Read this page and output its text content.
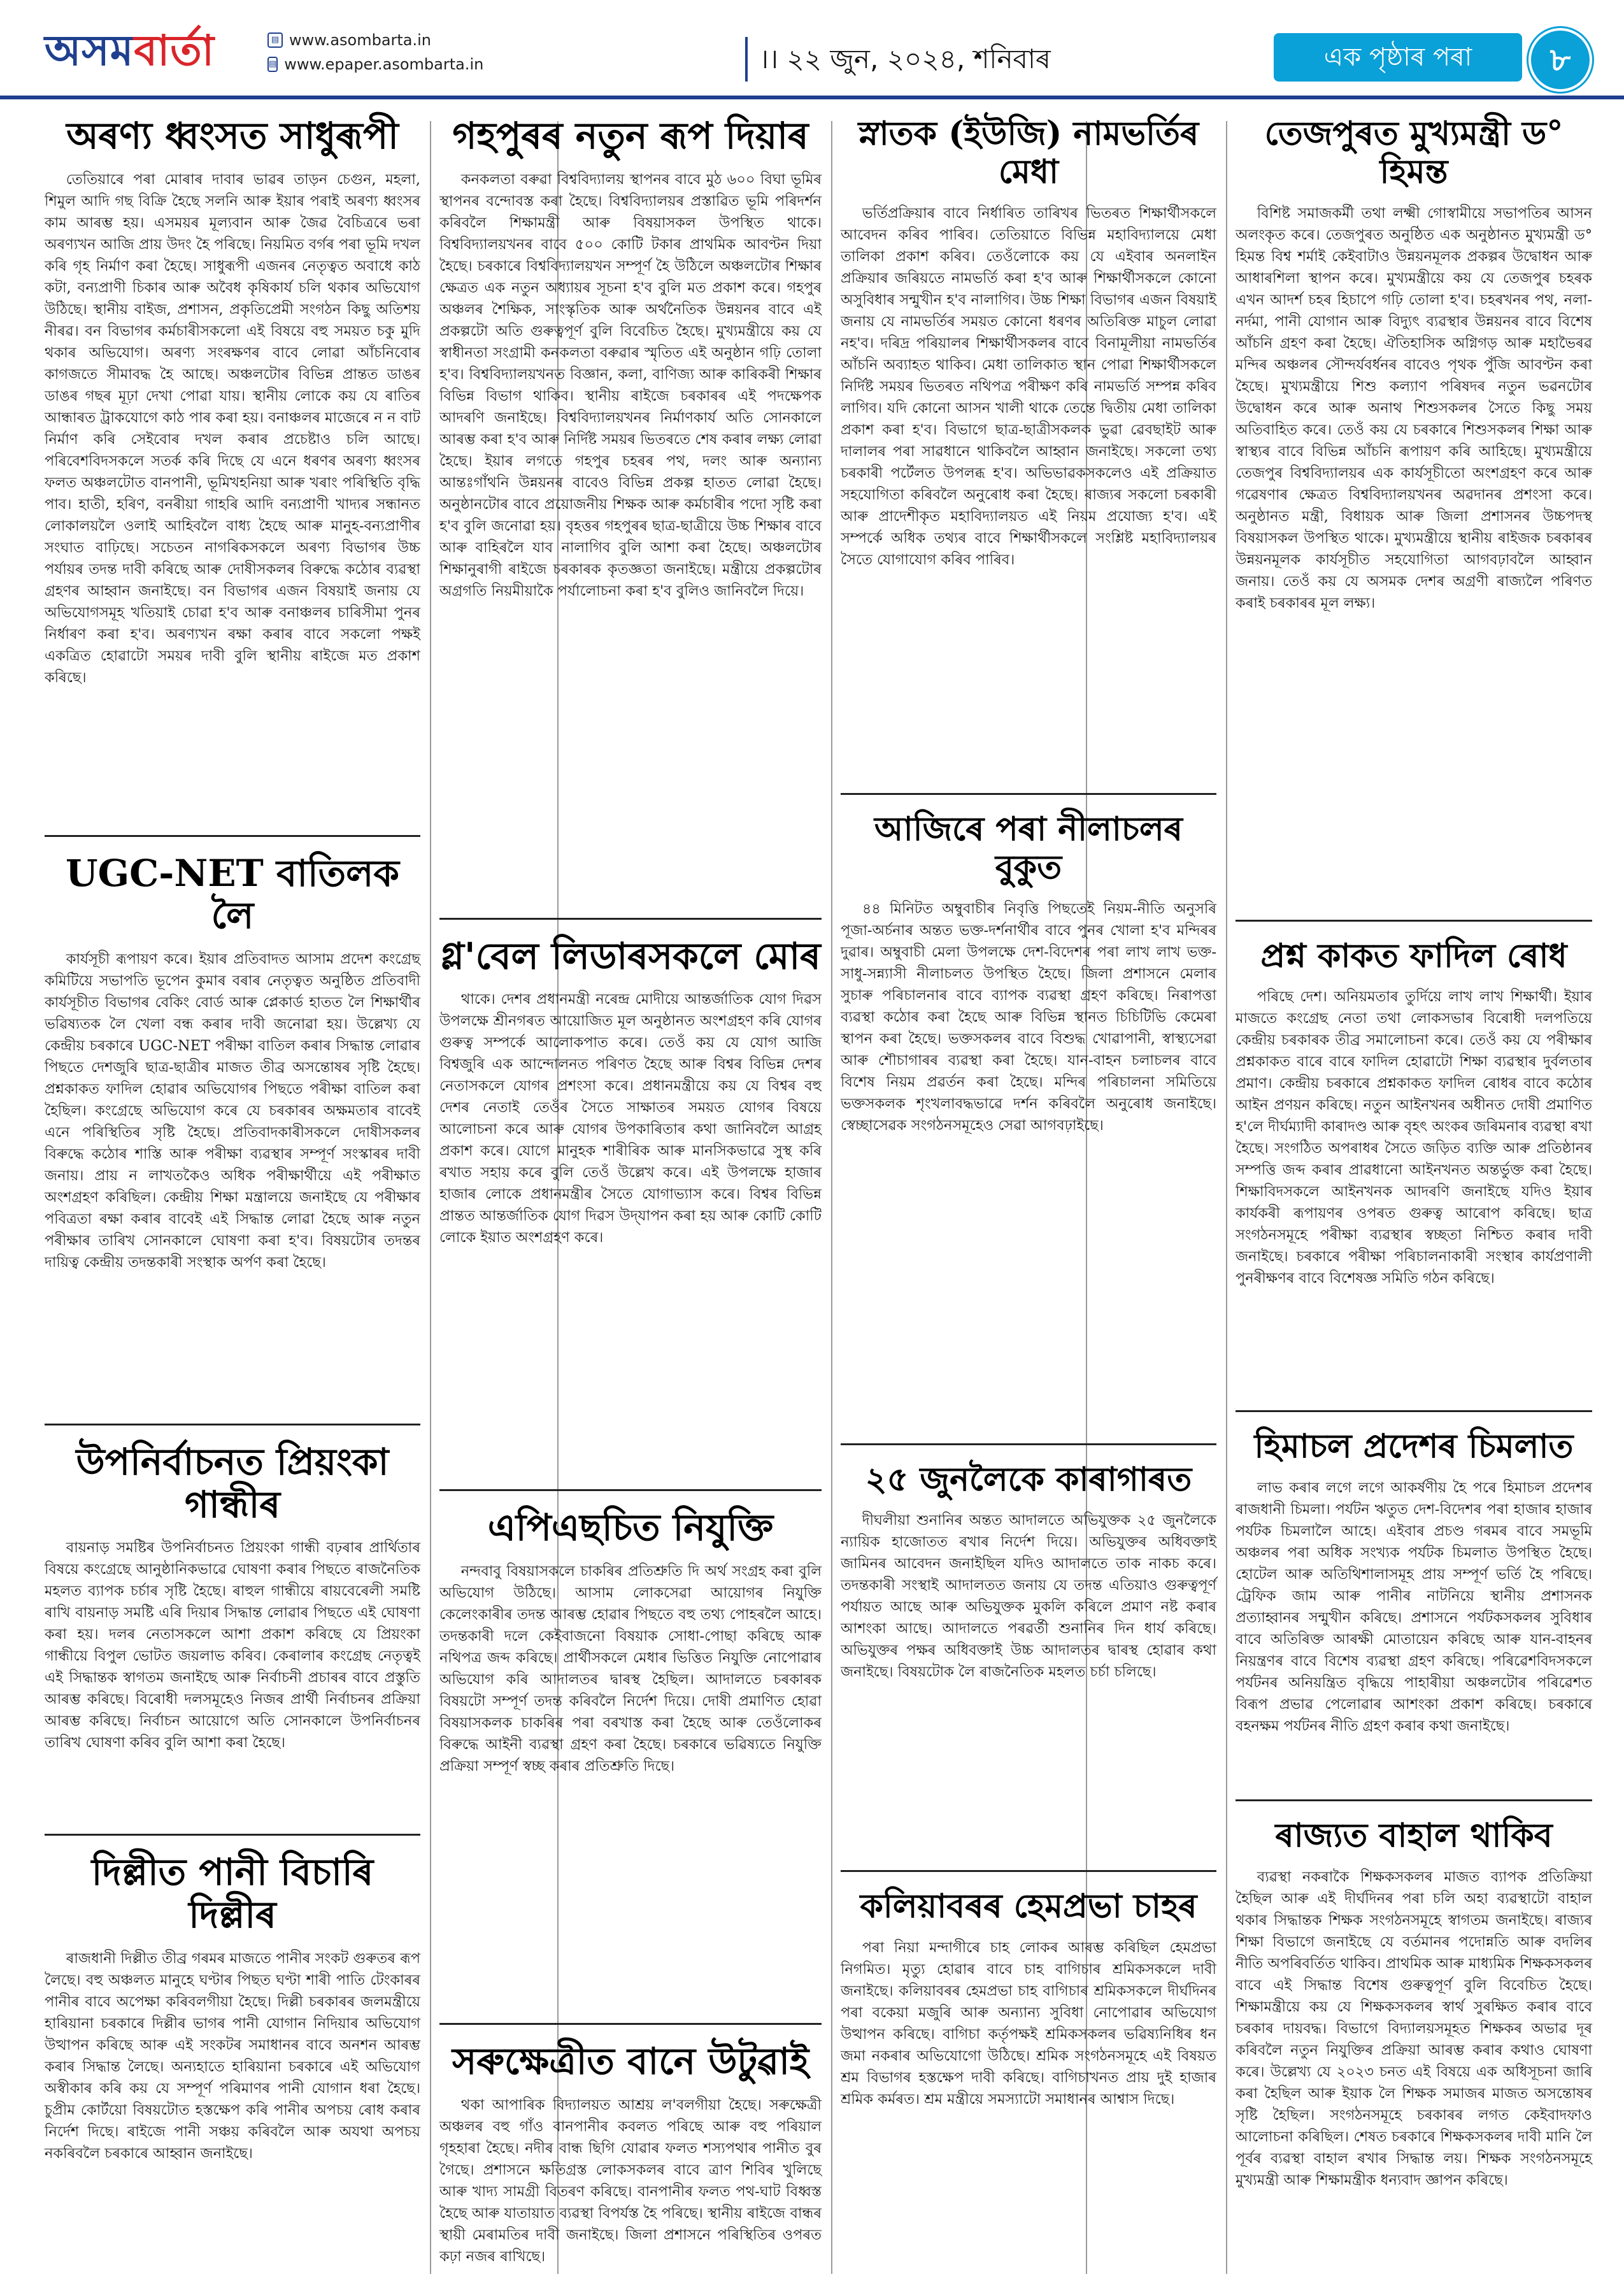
অসমবাৰ্তা	▤ www.asombarta.in
▤ www.epaper.asombarta.in	।। ২২ জুন, ২০২৪, শনিবাৰ	এক পৃষ্ঠাৰ পৰা	৮
অৰণ্য ধ্বংসত সাধুৰূপী

তেতিয়াৰে পৰা মোৰাৰ দাবাৰ ভাৱৰ তাড়ন চেগুন, মহলা, শিমুল আদি গছ বিক্রি হৈছে সলনি আৰু ইয়াৰ পৰাই অৰণ্য ধ্বংসৰ কাম আৰম্ভ হয়। এসময়ৰ মূল্যবান আৰু জৈৱ বৈচিত্ৰৰে ভৰা অৰণ্যখন আজি প্ৰায় উদং হৈ পৰিছে। নিয়মিত বৰ্গৰ পৰা ভূমি দখল কৰি গৃহ নিৰ্মাণ কৰা হৈছে। সাধুৰূপী এজনৰ নেতৃত্বত অবাধে কাঠ কটা, বন্যপ্ৰাণী চিকাৰ আৰু অবৈধ কৃষিকাৰ্য চলি থকাৰ অভিযোগ উঠিছে। স্থানীয় বাইজ, প্ৰশাসন, প্ৰকৃতিপ্ৰেমী সংগঠন কিছু অতিশয় নীৰৱ। বন বিভাগৰ কৰ্মচাৰীসকলো এই বিষয়ে বহু সময়ত চকু মুদি থকাৰ অভিযোগ। অৰণ্য সংৰক্ষণৰ বাবে লোৱা আঁচনিবোৰ কাগজতে সীমাবদ্ধ হৈ আছে। অঞ্চলটোৰ বিভিন্ন প্ৰান্তত ডাঙৰ ডাঙৰ গছৰ মূঢ়া দেখা পোৱা যায়। স্থানীয় লোকে কয় যে ৰাতিৰ আন্ধাৰত ট্ৰাকযোগে কাঠ পাৰ কৰা হয়। বনাঞ্চলৰ মাজেৰে ন ন বাট নিৰ্মাণ কৰি সেইবোৰ দখল কৰাৰ প্ৰচেষ্টাও চলি আছে। পৰিবেশবিদসকলে সতৰ্ক কৰি দিছে যে এনে ধৰণৰ অৰণ্য ধ্বংসৰ ফলত অঞ্চলটোত বানপানী, ভূমিখহনিয়া আৰু খৰাং পৰিস্থিতি বৃদ্ধি পাব। হাতী, হৰিণ, বনৰীয়া গাহৰি আদি বন্যপ্ৰাণী খাদ্যৰ সন্ধানত লোকালয়লৈ ওলাই আহিবলৈ বাধ্য হৈছে আৰু মানুহ-বন্যপ্ৰাণীৰ সংঘাত বাঢ়িছে। সচেতন নাগৰিকসকলে অৰণ্য বিভাগৰ উচ্চ পৰ্যায়ৰ তদন্ত দাবী কৰিছে আৰু দোষীসকলৰ বিৰুদ্ধে কঠোৰ ব্যৱস্থা গ্ৰহণৰ আহ্বান জনাইছে। বন বিভাগৰ এজন বিষয়াই জনায় যে অভিযোগসমূহ খতিয়াই চোৱা হ'ব আৰু বনাঞ্চলৰ চাৰিসীমা পুনৰ নিৰ্ধাৰণ কৰা হ'ব। অৰণ্যখন ৰক্ষা কৰাৰ বাবে সকলো পক্ষই একত্ৰিত হোৱাটো সময়ৰ দাবী বুলি স্থানীয় ৰাইজে মত প্ৰকাশ কৰিছে।

UGC-NET বাতিলক লৈ

কাৰ্যসূচী ৰূপায়ণ কৰে। ইয়াৰ প্ৰতিবাদত আসাম প্ৰদেশ কংগ্ৰেছ কমিটিয়ে সভাপতি ভূপেন কুমাৰ বৰাৰ নেতৃত্বত অনুষ্ঠিত প্ৰতিবাদী কাৰ্যসূচীত বিভাগৰ বেকিং বোৰ্ড আৰু প্লেকাৰ্ড হাতত লৈ শিক্ষাৰ্থীৰ ভৱিষ্যতক লৈ খেলা বন্ধ কৰাৰ দাবী জনোৱা হয়। উল্লেখ্য যে কেন্দ্ৰীয় চৰকাৰে UGC-NET পৰীক্ষা বাতিল কৰাৰ সিদ্ধান্ত লোৱাৰ পিছতে দেশজুৰি ছাত্ৰ-ছাত্ৰীৰ মাজত তীব্ৰ অসন্তোষৰ সৃষ্টি হৈছে। প্ৰশ্নকাকত ফাদিল হোৱাৰ অভিযোগৰ পিছতে পৰীক্ষা বাতিল কৰা হৈছিল। কংগ্ৰেছে অভিযোগ কৰে যে চৰকাৰৰ অক্ষমতাৰ বাবেই এনে পৰিস্থিতিৰ সৃষ্টি হৈছে। প্ৰতিবাদকাৰীসকলে দোষীসকলৰ বিৰুদ্ধে কঠোৰ শাস্তি আৰু পৰীক্ষা ব্যৱস্থাৰ সম্পূৰ্ণ সংস্কাৰৰ দাবী জনায়। প্ৰায় ন লাখতকৈও অধিক পৰীক্ষাৰ্থীয়ে এই পৰীক্ষাত অংশগ্ৰহণ কৰিছিল। কেন্দ্ৰীয় শিক্ষা মন্ত্ৰালয়ে জনাইছে যে পৰীক্ষাৰ পবিত্ৰতা ৰক্ষা কৰাৰ বাবেই এই সিদ্ধান্ত লোৱা হৈছে আৰু নতুন পৰীক্ষাৰ তাৰিখ সোনকালে ঘোষণা কৰা হ'ব। বিষয়টোৰ তদন্তৰ দায়িত্ব কেন্দ্ৰীয় তদন্তকাৰী সংস্থাক অৰ্পণ কৰা হৈছে।

উপনিৰ্বাচনত প্ৰিয়ংকা গান্ধীৰ

বায়নাড় সমষ্টিৰ উপনিৰ্বাচনত প্ৰিয়ংকা গান্ধী বঢ়ৰাৰ প্ৰাৰ্থিতাৰ বিষয়ে কংগ্ৰেছে আনুষ্ঠানিকভাৱে ঘোষণা কৰাৰ পিছতে ৰাজনৈতিক মহলত ব্যাপক চৰ্চাৰ সৃষ্টি হৈছে। ৰাহুল গান্ধীয়ে ৰায়বেৰেলী সমষ্টি ৰাখি বায়নাড় সমষ্টি এৰি দিয়াৰ সিদ্ধান্ত লোৱাৰ পিছতে এই ঘোষণা কৰা হয়। দলৰ নেতাসকলে আশা প্ৰকাশ কৰিছে যে প্ৰিয়ংকা গান্ধীয়ে বিপুল ভোটত জয়লাভ কৰিব। কেৰালাৰ কংগ্ৰেছ নেতৃত্বই এই সিদ্ধান্তক স্বাগতম জনাইছে আৰু নিৰ্বাচনী প্ৰচাৰৰ বাবে প্ৰস্তুতি আৰম্ভ কৰিছে। বিৰোধী দলসমূহেও নিজৰ প্ৰাৰ্থী নিৰ্বাচনৰ প্ৰক্ৰিয়া আৰম্ভ কৰিছে। নিৰ্বাচন আয়োগে অতি সোনকালে উপনিৰ্বাচনৰ তাৰিখ ঘোষণা কৰিব বুলি আশা কৰা হৈছে।

দিল্লীত পানী বিচাৰি দিল্লীৰ

ৰাজধানী দিল্লীত তীব্ৰ গৰমৰ মাজতে পানীৰ সংকট গুৰুতৰ ৰূপ লৈছে। বহু অঞ্চলত মানুহে ঘণ্টাৰ পিছত ঘণ্টা শাৰী পাতি টেংকাৰৰ পানীৰ বাবে অপেক্ষা কৰিবলগীয়া হৈছে। দিল্লী চৰকাৰৰ জলমন্ত্ৰীয়ে হাৰিয়ানা চৰকাৰে দিল্লীৰ ভাগৰ পানী যোগান নিদিয়াৰ অভিযোগ উত্থাপন কৰিছে আৰু এই সংকটৰ সমাধানৰ বাবে অনশন আৰম্ভ কৰাৰ সিদ্ধান্ত লৈছে। অন্যহাতে হাৰিয়ানা চৰকাৰে এই অভিযোগ অস্বীকাৰ কৰি কয় যে সম্পূৰ্ণ পৰিমাণৰ পানী যোগান ধৰা হৈছে। চুপ্ৰীম কোৰ্টয়ো বিষয়টোত হস্তক্ষেপ কৰি পানীৰ অপচয় ৰোধ কৰাৰ নিৰ্দেশ দিছে। ৰাইজে পানী সঞ্চয় কৰিবলৈ আৰু অযথা অপচয় নকৰিবলৈ চৰকাৰে আহ্বান জনাইছে।

গহপুৰৰ নতুন ৰূপ দিয়াৰ

কনকলতা বৰুৱা বিশ্ববিদ্যালয় স্থাপনৰ বাবে মুঠ ৬০০ বিঘা ভূমিৰ স্থাপনৰ বন্দোবস্ত কৰা হৈছে। বিশ্ববিদ্যালয়ৰ প্ৰস্তাৱিত ভূমি পৰিদৰ্শন কৰিবলৈ শিক্ষামন্ত্ৰী আৰু বিষয়াসকল উপস্থিত থাকে। বিশ্ববিদ্যালয়খনৰ বাবে ৫০০ কোটি টকাৰ প্ৰাথমিক আবণ্টন দিয়া হৈছে। চৰকাৰে বিশ্ববিদ্যালয়খন সম্পূৰ্ণ হৈ উঠিলে অঞ্চলটোৰ শিক্ষাৰ ক্ষেত্ৰত এক নতুন অধ্যায়ৰ সূচনা হ'ব বুলি মত প্ৰকাশ কৰে। গহপুৰ অঞ্চলৰ শৈক্ষিক, সাংস্কৃতিক আৰু অৰ্থনৈতিক উন্নয়নৰ বাবে এই প্ৰকল্পটো অতি গুৰুত্বপূৰ্ণ বুলি বিবেচিত হৈছে। মুখ্যমন্ত্ৰীয়ে কয় যে স্বাধীনতা সংগ্ৰামী কনকলতা বৰুৱাৰ স্মৃতিত এই অনুষ্ঠান গঢ়ি তোলা হ'ব। বিশ্ববিদ্যালয়খনত বিজ্ঞান, কলা, বাণিজ্য আৰু কাৰিকৰী শিক্ষাৰ বিভিন্ন বিভাগ থাকিব। স্থানীয় ৰাইজে চৰকাৰৰ এই পদক্ষেপক আদৰণি জনাইছে। বিশ্ববিদ্যালয়খনৰ নিৰ্মাণকাৰ্য অতি সোনকালে আৰম্ভ কৰা হ'ব আৰু নিৰ্দিষ্ট সময়ৰ ভিতৰতে শেষ কৰাৰ লক্ষ্য লোৱা হৈছে। ইয়াৰ লগতে গহপুৰ চহৰৰ পথ, দলং আৰু অন্যান্য আন্তঃগাঁথনি উন্নয়নৰ বাবেও বিভিন্ন প্ৰকল্প হাতত লোৱা হৈছে। অনুষ্ঠানটোৰ বাবে প্ৰয়োজনীয় শিক্ষক আৰু কৰ্মচাৰীৰ পদো সৃষ্টি কৰা হ'ব বুলি জনোৱা হয়। বৃহত্তৰ গহপুৰৰ ছাত্ৰ-ছাত্ৰীয়ে উচ্চ শিক্ষাৰ বাবে আৰু বাহিৰলৈ যাব নালাগিব বুলি আশা কৰা হৈছে। অঞ্চলটোৰ শিক্ষানুৰাগী ৰাইজে চৰকাৰক কৃতজ্ঞতা জনাইছে। মন্ত্ৰীয়ে প্ৰকল্পটোৰ অগ্ৰগতি নিয়মীয়াকৈ পৰ্যালোচনা কৰা হ'ব বুলিও জানিবলৈ দিয়ে।

গ্ল'বেল লিডাৰসকলে মোৰ

থাকে। দেশৰ প্ৰধানমন্ত্ৰী নৰেন্দ্ৰ মোদীয়ে আন্তৰ্জাতিক যোগ দিৱস উপলক্ষে শ্ৰীনগৰত আয়োজিত মূল অনুষ্ঠানত অংশগ্ৰহণ কৰি যোগৰ গুৰুত্ব সম্পৰ্কে আলোকপাত কৰে। তেওঁ কয় যে যোগ আজি বিশ্বজুৰি এক আন্দোলনত পৰিণত হৈছে আৰু বিশ্বৰ বিভিন্ন দেশৰ নেতাসকলে যোগৰ প্ৰশংসা কৰে। প্ৰধানমন্ত্ৰীয়ে কয় যে বিশ্বৰ বহু দেশৰ নেতাই তেওঁৰ সৈতে সাক্ষাতৰ সময়ত যোগৰ বিষয়ে আলোচনা কৰে আৰু যোগৰ উপকাৰিতাৰ কথা জানিবলৈ আগ্ৰহ প্ৰকাশ কৰে। যোগে মানুহক শাৰীৰিক আৰু মানসিকভাৱে সুস্থ কৰি ৰখাত সহায় কৰে বুলি তেওঁ উল্লেখ কৰে। এই উপলক্ষে হাজাৰ হাজাৰ লোকে প্ৰধানমন্ত্ৰীৰ সৈতে যোগাভ্যাস কৰে। বিশ্বৰ বিভিন্ন প্ৰান্তত আন্তৰ্জাতিক যোগ দিৱস উদ্‌যাপন কৰা হয় আৰু কোটি কোটি লোকে ইয়াত অংশগ্ৰহণ কৰে।

এপিএছচিত নিযুক্তি

নন্দবাবু বিষয়াসকলে চাকৰিৰ প্ৰতিশ্ৰুতি দি অৰ্থ সংগ্ৰহ কৰা বুলি অভিযোগ উঠিছে। আসাম লোকসেৱা আয়োগৰ নিযুক্তি কেলেংকাৰীৰ তদন্ত আৰম্ভ হোৱাৰ পিছতে বহু তথ্য পোহৰলৈ আহে। তদন্তকাৰী দলে কেইবাজনো বিষয়াক সোধা-পোছা কৰিছে আৰু নথিপত্ৰ জব্দ কৰিছে। প্ৰাৰ্থীসকলে মেধাৰ ভিত্তিত নিযুক্তি নোপোৱাৰ অভিযোগ কৰি আদালতৰ দ্বাৰস্থ হৈছিল। আদালতে চৰকাৰক বিষয়টো সম্পূৰ্ণ তদন্ত কৰিবলৈ নিৰ্দেশ দিয়ে। দোষী প্ৰমাণিত হোৱা বিষয়াসকলক চাকৰিৰ পৰা বৰখাস্ত কৰা হৈছে আৰু তেওঁলোকৰ বিৰুদ্ধে আইনী ব্যৱস্থা গ্ৰহণ কৰা হৈছে। চৰকাৰে ভৱিষ্যতে নিযুক্তি প্ৰক্ৰিয়া সম্পূৰ্ণ স্বচ্ছ কৰাৰ প্ৰতিশ্ৰুতি দিছে।

সৰুক্ষেত্ৰীত বানে উটুৱাই

থকা আপাৰিক বিদ্যালয়ত আশ্ৰয় ল'বলগীয়া হৈছে। সৰুক্ষেত্ৰী অঞ্চলৰ বহু গাঁও বানপানীৰ কবলত পৰিছে আৰু বহু পৰিয়াল গৃহহাৰা হৈছে। নদীৰ বান্ধ ছিগি যোৱাৰ ফলত শস্যপথাৰ পানীত বুৰ গৈছে। প্ৰশাসনে ক্ষতিগ্ৰস্ত লোকসকলৰ বাবে ত্ৰাণ শিবিৰ খুলিছে আৰু খাদ্য সামগ্ৰী বিতৰণ কৰিছে। বানপানীৰ ফলত পথ-ঘাট বিধ্বস্ত হৈছে আৰু যাতায়াত ব্যৱস্থা বিপৰ্যস্ত হৈ পৰিছে। স্থানীয় ৰাইজে বান্ধৰ স্থায়ী মেৰামতিৰ দাবী জনাইছে। জিলা প্ৰশাসনে পৰিস্থিতিৰ ওপৰত কঢ়া নজৰ ৰাখিছে।

স্নাতক (ইউজি) নামভৰ্তিৰ মেধা

ভৰ্তিপ্ৰক্ৰিয়াৰ বাবে নিৰ্ধাৰিত তাৰিখৰ ভিতৰত শিক্ষাৰ্থীসকলে আবেদন কৰিব পাৰিব। তেতিয়াতে বিভিন্ন মহাবিদ্যালয়ে মেধা তালিকা প্ৰকাশ কৰিব। তেওঁলোকে কয় যে এইবাৰ অনলাইন প্ৰক্ৰিয়াৰ জৰিয়তে নামভৰ্তি কৰা হ'ব আৰু শিক্ষাৰ্থীসকলে কোনো অসুবিধাৰ সন্মুখীন হ'ব নালাগিব। উচ্চ শিক্ষা বিভাগৰ এজন বিষয়াই জনায় যে নামভৰ্তিৰ সময়ত কোনো ধৰণৰ অতিৰিক্ত মাচুল লোৱা নহ'ব। দৰিদ্ৰ পৰিয়ালৰ শিক্ষাৰ্থীসকলৰ বাবে বিনামূলীয়া নামভৰ্তিৰ আঁচনি অব্যাহত থাকিব। মেধা তালিকাত স্থান পোৱা শিক্ষাৰ্থীসকলে নিৰ্দিষ্ট সময়ৰ ভিতৰত নথিপত্ৰ পৰীক্ষণ কৰি নামভৰ্তি সম্পন্ন কৰিব লাগিব। যদি কোনো আসন খালী থাকে তেন্তে দ্বিতীয় মেধা তালিকা প্ৰকাশ কৰা হ'ব। বিভাগে ছাত্ৰ-ছাত্ৰীসকলক ভুৱা ৱেবছাইট আৰু দালালৰ পৰা সাৱধানে থাকিবলৈ আহ্বান জনাইছে। সকলো তথ্য চৰকাৰী পৰ্টেলত উপলব্ধ হ'ব। অভিভাৱকসকলেও এই প্ৰক্ৰিয়াত সহযোগিতা কৰিবলৈ অনুৰোধ কৰা হৈছে। ৰাজ্যৰ সকলো চৰকাৰী আৰু প্ৰাদেশীকৃত মহাবিদ্যালয়ত এই নিয়ম প্ৰযোজ্য হ'ব। এই সম্পৰ্কে অধিক তথ্যৰ বাবে শিক্ষাৰ্থীসকলে সংশ্লিষ্ট মহাবিদ্যালয়ৰ সৈতে যোগাযোগ কৰিব পাৰিব।

আজিৰে পৰা নীলাচলৰ বুকুত

৪৪ মিনিটত অম্বুবাচীৰ নিবৃত্তি পিছতেই নিয়ম-নীতি অনুসৰি পূজা-অৰ্চনাৰ অন্তত ভক্ত-দৰ্শনাৰ্থীৰ বাবে পুনৰ খোলা হ'ব মন্দিৰৰ দুৱাৰ। অম্বুবাচী মেলা উপলক্ষে দেশ-বিদেশৰ পৰা লাখ লাখ ভক্ত-সাধু-সন্ন্যাসী নীলাচলত উপস্থিত হৈছে। জিলা প্ৰশাসনে মেলাৰ সুচাৰু পৰিচালনাৰ বাবে ব্যাপক ব্যৱস্থা গ্ৰহণ কৰিছে। নিৰাপত্তা ব্যৱস্থা কঠোৰ কৰা হৈছে আৰু বিভিন্ন স্থানত চিচিটিভি কেমেৰা স্থাপন কৰা হৈছে। ভক্তসকলৰ বাবে বিশুদ্ধ খোৱাপানী, স্বাস্থ্যসেৱা আৰু শৌচাগাৰৰ ব্যৱস্থা কৰা হৈছে। যান-বাহন চলাচলৰ বাবে বিশেষ নিয়ম প্ৰৱৰ্তন কৰা হৈছে। মন্দিৰ পৰিচালনা সমিতিয়ে ভক্তসকলক শৃংখলাবদ্ধভাৱে দৰ্শন কৰিবলৈ অনুৰোধ জনাইছে। স্বেচ্ছাসেৱক সংগঠনসমূহেও সেৱা আগবঢ়াইছে।

২৫ জুনলৈকে কাৰাগাৰত

দীঘলীয়া শুনানিৰ অন্তত আদালতে অভিযুক্তক ২৫ জুনলৈকে ন্যায়িক হাজোতত ৰখাৰ নিৰ্দেশ দিয়ে। অভিযুক্তৰ অধিবক্তাই জামিনৰ আবেদন জনাইছিল যদিও আদালতে তাক নাকচ কৰে। তদন্তকাৰী সংস্থাই আদালতত জনায় যে তদন্ত এতিয়াও গুৰুত্বপূৰ্ণ পৰ্যায়ত আছে আৰু অভিযুক্তক মুকলি কৰিলে প্ৰমাণ নষ্ট কৰাৰ আশংকা আছে। আদালতে পৰৱৰ্তী শুনানিৰ দিন ধাৰ্য কৰিছে। অভিযুক্তৰ পক্ষৰ অধিবক্তাই উচ্চ আদালতৰ দ্বাৰস্থ হোৱাৰ কথা জনাইছে। বিষয়টোক লৈ ৰাজনৈতিক মহলত চৰ্চা চলিছে।

কলিয়াবৰৰ হেমপ্ৰভা চাহৰ

পৰা নিয়া মন্দাগীৰে চাহ লোকৰ আৰম্ভ কৰিছিল হেমপ্ৰভা নিগমিত। মৃত্যু হোৱাৰ বাবে চাহ বাগিচাৰ শ্ৰমিকসকলে দাবী জনাইছে। কলিয়াবৰৰ হেমপ্ৰভা চাহ বাগিচাৰ শ্ৰমিকসকলে দীৰ্ঘদিনৰ পৰা বকেয়া মজুৰি আৰু অন্যান্য সুবিধা নোপোৱাৰ অভিযোগ উত্থাপন কৰিছে। বাগিচা কৰ্তৃপক্ষই শ্ৰমিকসকলৰ ভৱিষ্যনিধিৰ ধন জমা নকৰাৰ অভিযোগো উঠিছে। শ্ৰমিক সংগঠনসমূহে এই বিষয়ত শ্ৰম বিভাগৰ হস্তক্ষেপ দাবী কৰিছে। বাগিচাখনত প্ৰায় দুই হাজাৰ শ্ৰমিক কৰ্মৰত। শ্ৰম মন্ত্ৰীয়ে সমস্যাটো সমাধানৰ আশ্বাস দিছে।

তেজপুৰত মুখ্যমন্ত্ৰী ড° হিমন্ত

বিশিষ্ট সমাজকৰ্মী তথা লক্ষ্মী গোস্বামীয়ে সভাপতিৰ আসন অলংকৃত কৰে। তেজপুৰত অনুষ্ঠিত এক অনুষ্ঠানত মুখ্যমন্ত্ৰী ড° হিমন্ত বিশ্ব শৰ্মাই কেইবাটাও উন্নয়নমূলক প্ৰকল্পৰ উদ্বোধন আৰু আধাৰশিলা স্থাপন কৰে। মুখ্যমন্ত্ৰীয়ে কয় যে তেজপুৰ চহৰক এখন আদৰ্শ চহৰ হিচাপে গঢ়ি তোলা হ'ব। চহৰখনৰ পথ, নলা-নৰ্দমা, পানী যোগান আৰু বিদ্যুৎ ব্যৱস্থাৰ উন্নয়নৰ বাবে বিশেষ আঁচনি গ্ৰহণ কৰা হৈছে। ঐতিহাসিক অগ্নিগড় আৰু মহাভৈৰৱ মন্দিৰ অঞ্চলৰ সৌন্দৰ্যবৰ্ধনৰ বাবেও পৃথক পুঁজি আবণ্টন কৰা হৈছে। মুখ্যমন্ত্ৰীয়ে শিশু কল্যাণ পৰিষদৰ নতুন ভৱনটোৰ উদ্বোধন কৰে আৰু অনাথ শিশুসকলৰ সৈতে কিছু সময় অতিবাহিত কৰে। তেওঁ কয় যে চৰকাৰে শিশুসকলৰ শিক্ষা আৰু স্বাস্থ্যৰ বাবে বিভিন্ন আঁচনি ৰূপায়ণ কৰি আহিছে। মুখ্যমন্ত্ৰীয়ে তেজপুৰ বিশ্ববিদ্যালয়ৰ এক কাৰ্যসূচীতো অংশগ্ৰহণ কৰে আৰু গৱেষণাৰ ক্ষেত্ৰত বিশ্ববিদ্যালয়খনৰ অৱদানৰ প্ৰশংসা কৰে। অনুষ্ঠানত মন্ত্ৰী, বিধায়ক আৰু জিলা প্ৰশাসনৰ উচ্চপদস্থ বিষয়াসকল উপস্থিত থাকে। মুখ্যমন্ত্ৰীয়ে স্থানীয় ৰাইজক চৰকাৰৰ উন্নয়নমূলক কাৰ্যসূচীত সহযোগিতা আগবঢ়াবলৈ আহ্বান জনায়। তেওঁ কয় যে অসমক দেশৰ অগ্ৰণী ৰাজ্যলৈ পৰিণত কৰাই চৰকাৰৰ মূল লক্ষ্য।

প্ৰশ্ন কাকত ফাদিল ৰোধ

পৰিছে দেশ। অনিয়মতাৰ তুৰ্দিয়ে লাখ লাখ শিক্ষাৰ্থী। ইয়াৰ মাজতে কংগ্ৰেছ নেতা তথা লোকসভাৰ বিৰোধী দলপতিয়ে কেন্দ্ৰীয় চৰকাৰক তীব্ৰ সমালোচনা কৰে। তেওঁ কয় যে পৰীক্ষাৰ প্ৰশ্নকাকত বাৰে বাৰে ফাদিল হোৱাটো শিক্ষা ব্যৱস্থাৰ দুৰ্বলতাৰ প্ৰমাণ। কেন্দ্ৰীয় চৰকাৰে প্ৰশ্নকাকত ফাদিল ৰোধৰ বাবে কঠোৰ আইন প্ৰণয়ন কৰিছে। নতুন আইনখনৰ অধীনত দোষী প্ৰমাণিত হ'লে দীৰ্ঘম্যাদী কাৰাদণ্ড আৰু বৃহৎ অংকৰ জৰিমনাৰ ব্যৱস্থা ৰখা হৈছে। সংগঠিত অপৰাধৰ সৈতে জড়িত ব্যক্তি আৰু প্ৰতিষ্ঠানৰ সম্পত্তি জব্দ কৰাৰ প্ৰাৱধানো আইনখনত অন্তৰ্ভুক্ত কৰা হৈছে। শিক্ষাবিদসকলে আইনখনক আদৰণি জনাইছে যদিও ইয়াৰ কাৰ্যকৰী ৰূপায়ণৰ ওপৰত গুৰুত্ব আৰোপ কৰিছে। ছাত্ৰ সংগঠনসমূহে পৰীক্ষা ব্যৱস্থাৰ স্বচ্ছতা নিশ্চিত কৰাৰ দাবী জনাইছে। চৰকাৰে পৰীক্ষা পৰিচালনাকাৰী সংস্থাৰ কাৰ্যপ্ৰণালী পুনৰীক্ষণৰ বাবে বিশেষজ্ঞ সমিতি গঠন কৰিছে।

হিমাচল প্ৰদেশৰ চিমলাত

লাভ কৰাৰ লগে লগে আকৰ্ষণীয় হৈ পৰে হিমাচল প্ৰদেশৰ ৰাজধানী চিমলা। পৰ্যটন ঋতুত দেশ-বিদেশৰ পৰা হাজাৰ হাজাৰ পৰ্যটক চিমলালৈ আহে। এইবাৰ প্ৰচণ্ড গৰমৰ বাবে সমভূমি অঞ্চলৰ পৰা অধিক সংখ্যক পৰ্যটক চিমলাত উপস্থিত হৈছে। হোটেল আৰু অতিথিশালাসমূহ প্ৰায় সম্পূৰ্ণ ভৰ্তি হৈ পৰিছে। ট্ৰেফিক জাম আৰু পানীৰ নাটনিয়ে স্থানীয় প্ৰশাসনক প্ৰত্যাহ্বানৰ সন্মুখীন কৰিছে। প্ৰশাসনে পৰ্যটকসকলৰ সুবিধাৰ বাবে অতিৰিক্ত আৰক্ষী মোতায়েন কৰিছে আৰু যান-বাহনৰ নিয়ন্ত্ৰণৰ বাবে বিশেষ ব্যৱস্থা গ্ৰহণ কৰিছে। পৰিৱেশবিদসকলে পৰ্যটনৰ অনিয়ন্ত্ৰিত বৃদ্ধিয়ে পাহাৰীয়া অঞ্চলটোৰ পৰিৱেশত বিৰূপ প্ৰভাৱ পেলোৱাৰ আশংকা প্ৰকাশ কৰিছে। চৰকাৰে বহনক্ষম পৰ্যটনৰ নীতি গ্ৰহণ কৰাৰ কথা জনাইছে।

ৰাজ্যত বাহাল থাকিব

ব্যৱস্থা নকৰাকৈ শিক্ষকসকলৰ মাজত ব্যাপক প্ৰতিক্ৰিয়া হৈছিল আৰু এই দীৰ্ঘদিনৰ পৰা চলি অহা ব্যৱস্থাটো বাহাল থকাৰ সিদ্ধান্তক শিক্ষক সংগঠনসমূহে স্বাগতম জনাইছে। ৰাজ্যৰ শিক্ষা বিভাগে জনাইছে যে বৰ্তমানৰ পদোন্নতি আৰু বদলিৰ নীতি অপৰিবৰ্তিত থাকিব। প্ৰাথমিক আৰু মাধ্যমিক শিক্ষকসকলৰ বাবে এই সিদ্ধান্ত বিশেষ গুৰুত্বপূৰ্ণ বুলি বিবেচিত হৈছে। শিক্ষামন্ত্ৰীয়ে কয় যে শিক্ষকসকলৰ স্বাৰ্থ সুৰক্ষিত কৰাৰ বাবে চৰকাৰ দায়বদ্ধ। বিভাগে বিদ্যালয়সমূহত শিক্ষকৰ অভাৱ দূৰ কৰিবলৈ নতুন নিযুক্তিৰ প্ৰক্ৰিয়া আৰম্ভ কৰাৰ কথাও ঘোষণা কৰে। উল্লেখ্য যে ২০২৩ চনত এই বিষয়ে এক অধিসূচনা জাৰি কৰা হৈছিল আৰু ইয়াক লৈ শিক্ষক সমাজৰ মাজত অসন্তোষৰ সৃষ্টি হৈছিল। সংগঠনসমূহে চৰকাৰৰ লগত কেইবাদফাও আলোচনা কৰিছিল। শেষত চৰকাৰে শিক্ষকসকলৰ দাবী মানি লৈ পূৰ্বৰ ব্যৱস্থা বাহাল ৰখাৰ সিদ্ধান্ত লয়। শিক্ষক সংগঠনসমূহে মুখ্যমন্ত্ৰী আৰু শিক্ষামন্ত্ৰীক ধন্যবাদ জ্ঞাপন কৰিছে।
